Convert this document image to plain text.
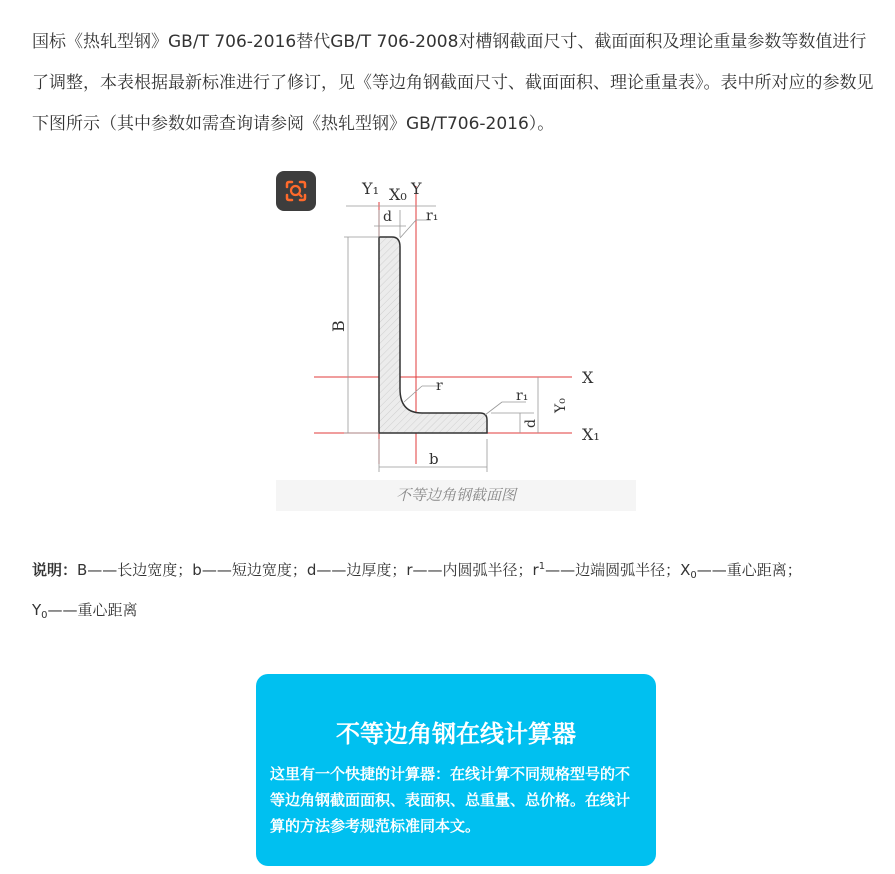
国标《热轧型钢》GB/T 706-2016替代GB/T 706-2008对槽钢截面尺寸、截面面积及理论重量参数等数值进行了调整，本表根据最新标准进行了修订，见《等边角钢截面尺寸、截面面积、理论重量表》。表中所对应的参数见下图所示（其中参数如需查询请参阅《热轧型钢》GB/T706-2016）。

Y₁ X₀ Y
d r₁
B
r
r₁
X
Y₀
d
X₁
b
不等边角钢截面图

说明：B——长边宽度；b——短边宽度；d——边厚度；r——内圆弧半径；$r^1——$边端圆弧半径；$X_0——$重心距离；
$Y_0——$重心距离

不等边角钢在线计算器
这里有一个快捷的计算器：在线计算不同规格型号的不等边角钢截面面积、表面积、总重量、总价格。在线计算的方法参考规范标准同本文。
